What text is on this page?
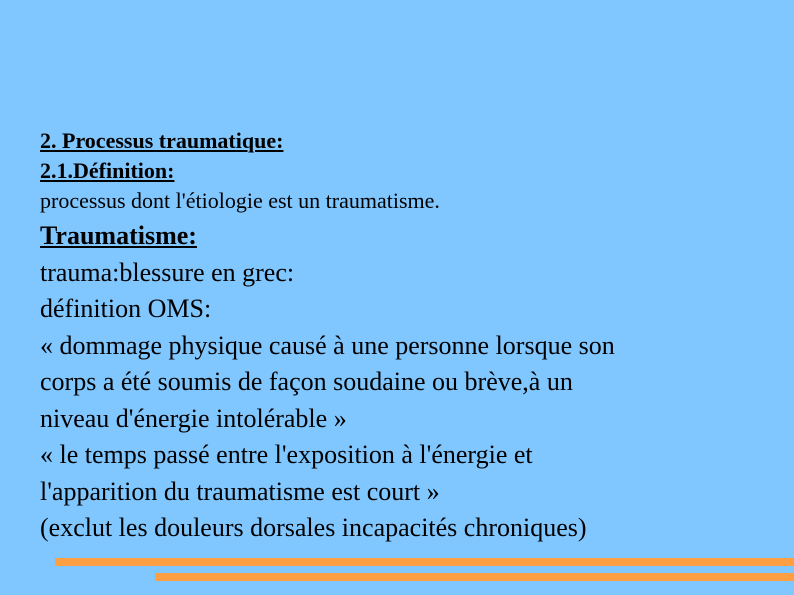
2. Processus traumatique:

2.1.Définition:

processus dont l'étiologie est un traumatisme.

Traumatisme:

trauma:blessure en grec:

définition OMS:

« dommage physique causé à une personne lorsque son

corps a été soumis de façon soudaine ou brève,à un

niveau d'énergie intolérable »

« le temps passé entre l'exposition à l'énergie et

l'apparition du traumatisme est court »

(exclut les douleurs dorsales incapacités chroniques)
